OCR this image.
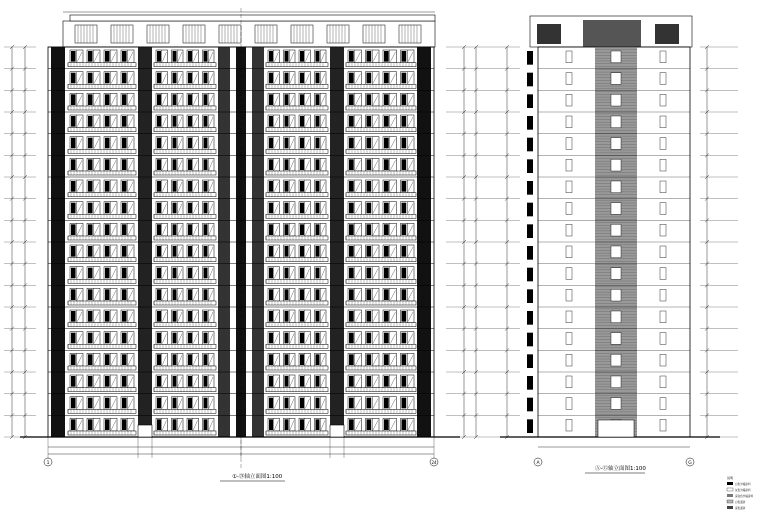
①-㉔轴立面图1:100
Ⓐ-Ⓖ轴立面图1:100
1	24	A	G
说明
白色外墙涂料
灰色外墙涂料
深灰色外墙涂料
白色面砖
深色面砖
